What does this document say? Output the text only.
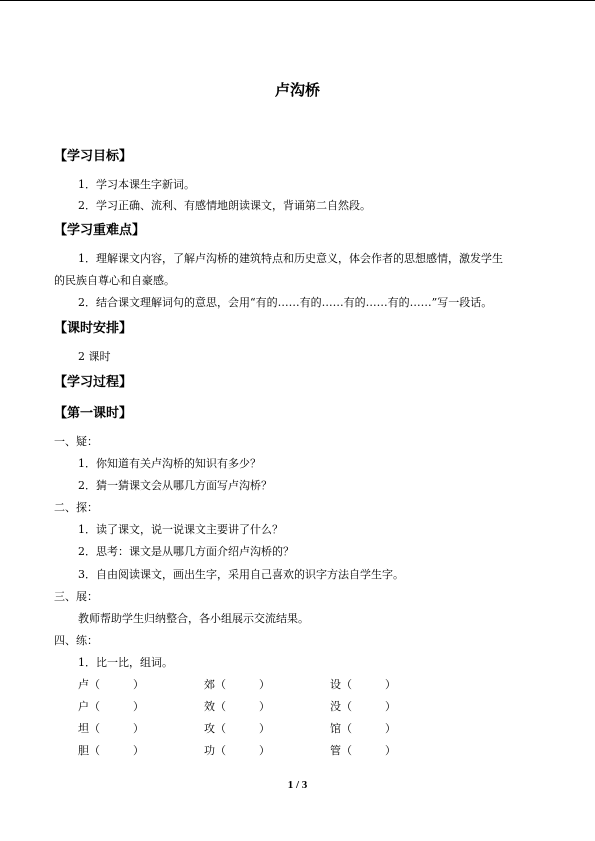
卢沟桥
【学习目标】
1．学习本课生字新词。
2．学习正确、流利、有感情地朗读课文，背诵第二自然段。
【学习重难点】
1．理解课文内容，了解卢沟桥的建筑特点和历史意义，体会作者的思想感情，激发学生
的民族自尊心和自豪感。
2．结合课文理解词句的意思，会用“有的……有的……有的……有的……”写一段话。
【课时安排】
2 课时
【学习过程】
【第一课时】
一、疑：
1．你知道有关卢沟桥的知识有多少？
2．猜一猜课文会从哪几方面写卢沟桥？
二、探：
1．读了课文，说一说课文主要讲了什么？
2．思考：课文是从哪几方面介绍卢沟桥的？
3．自由阅读课文，画出生字，采用自己喜欢的识字方法自学生字。
三、展：
教师帮助学生归纳整合，各小组展示交流结果。
四、练：
1．比一比，组词。
卢（　　　）	郊（　　　）	设（　　　）
户（　　　）	效（　　　）	没（　　　）
坦（　　　）	攻（　　　）	馆（　　　）
胆（　　　）	功（　　　）	管（　　　）
1 / 3
